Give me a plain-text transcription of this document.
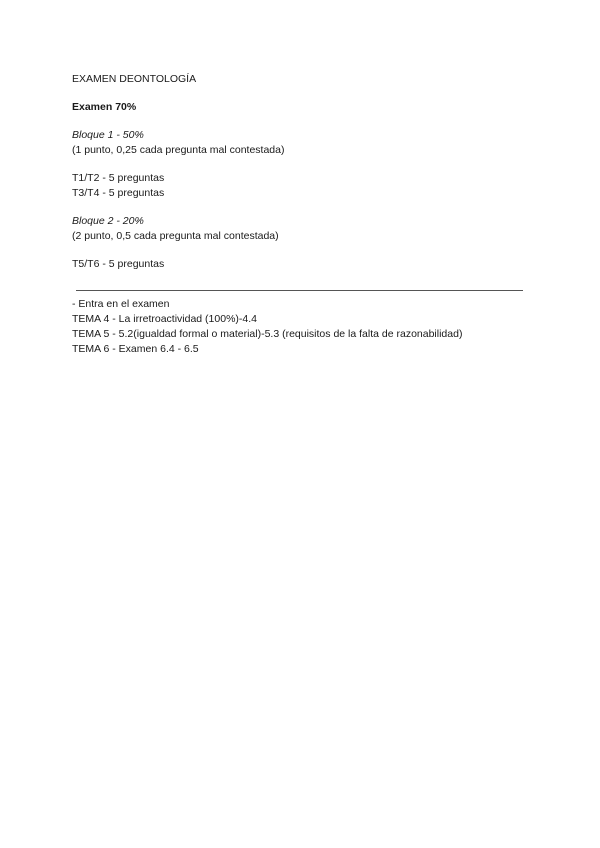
EXAMEN DEONTOLOGÍA
Examen 70%
Bloque 1 - 50%
(1 punto, 0,25 cada pregunta mal contestada)
T1/T2 - 5 preguntas
T3/T4 - 5 preguntas
Bloque 2 - 20%
(2 punto, 0,5 cada pregunta mal contestada)
T5/T6 - 5 preguntas
- Entra en el examen
TEMA 4 - La irretroactividad (100%)-4.4
TEMA 5 - 5.2(igualdad formal o material)-5.3 (requisitos de la falta de razonabilidad)
TEMA 6 - Examen 6.4 - 6.5
